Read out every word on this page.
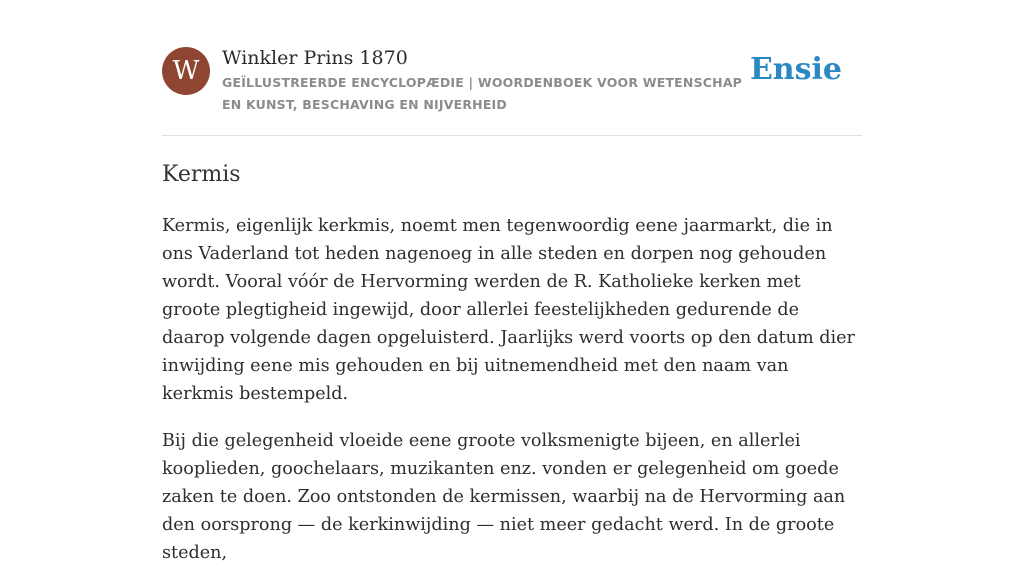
W	Winkler Prins 1870
GEÏLLUSTREERDE ENCYCLOPÆDIE | WOORDENBOEK VOOR WETENSCHAP EN KUNST, BESCHAVING EN NIJVERHEID
Ensie
Kermis

Kermis, eigenlijk kerkmis, noemt men tegenwoordig eene jaarmarkt, die in ons Vaderland tot heden nagenoeg in alle steden en dorpen nog gehouden wordt. Vooral vóór de Hervorming werden de R. Katholieke kerken met groote plegtigheid ingewijd, door allerlei feestelijkheden gedurende de daarop volgende dagen opgeluisterd. Jaarlijks werd voorts op den datum dier inwijding eene mis gehouden en bij uitnemendheid met den naam van kerkmis bestempeld.

Bij die gelegenheid vloeide eene groote volksmenigte bijeen, en allerlei kooplieden, goochelaars, muzikanten enz. vonden er gelegenheid om goede zaken te doen. Zoo ontstonden de kermissen, waarbij na de Hervorming aan den oorsprong — de kerkinwijding — niet meer gedacht werd. In de groote steden,
